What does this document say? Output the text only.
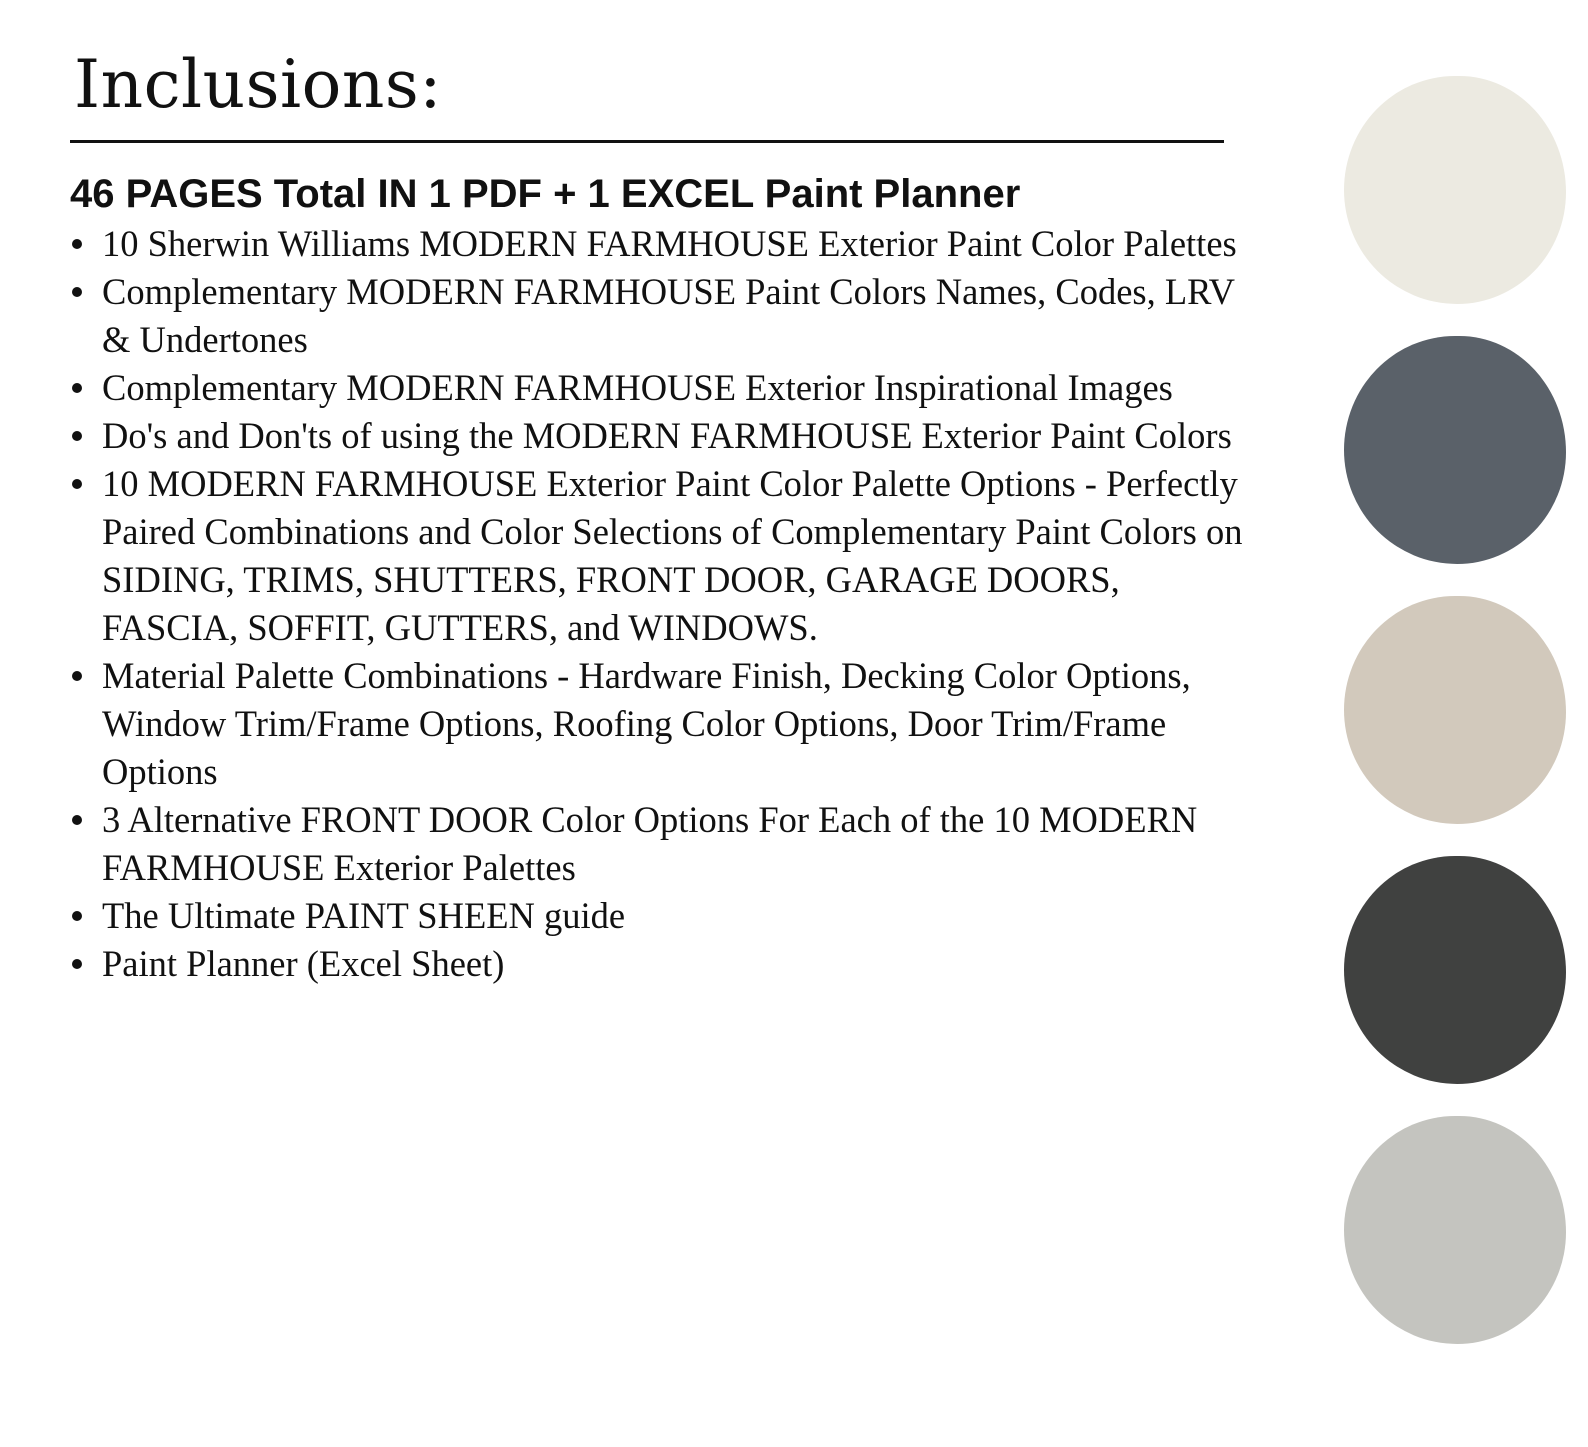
Inclusions:
46 PAGES Total IN 1 PDF + 1 EXCEL Paint Planner
10 Sherwin Williams MODERN FARMHOUSE Exterior Paint Color Palettes
Complementary MODERN FARMHOUSE Paint Colors Names, Codes, LRV & Undertones
Complementary MODERN FARMHOUSE Exterior Inspirational Images
Do's and Don'ts of using the MODERN FARMHOUSE Exterior Paint Colors
10 MODERN FARMHOUSE Exterior Paint Color Palette Options - Perfectly Paired Combinations and Color Selections of Complementary Paint Colors on SIDING, TRIMS, SHUTTERS, FRONT DOOR, GARAGE DOORS, FASCIA, SOFFIT, GUTTERS, and WINDOWS.
Material Palette Combinations - Hardware Finish, Decking Color Options, Window Trim/Frame Options, Roofing Color Options, Door Trim/Frame Options
3 Alternative FRONT DOOR Color Options For Each of the 10 MODERN FARMHOUSE Exterior Palettes
The Ultimate PAINT SHEEN guide
Paint Planner (Excel Sheet)
